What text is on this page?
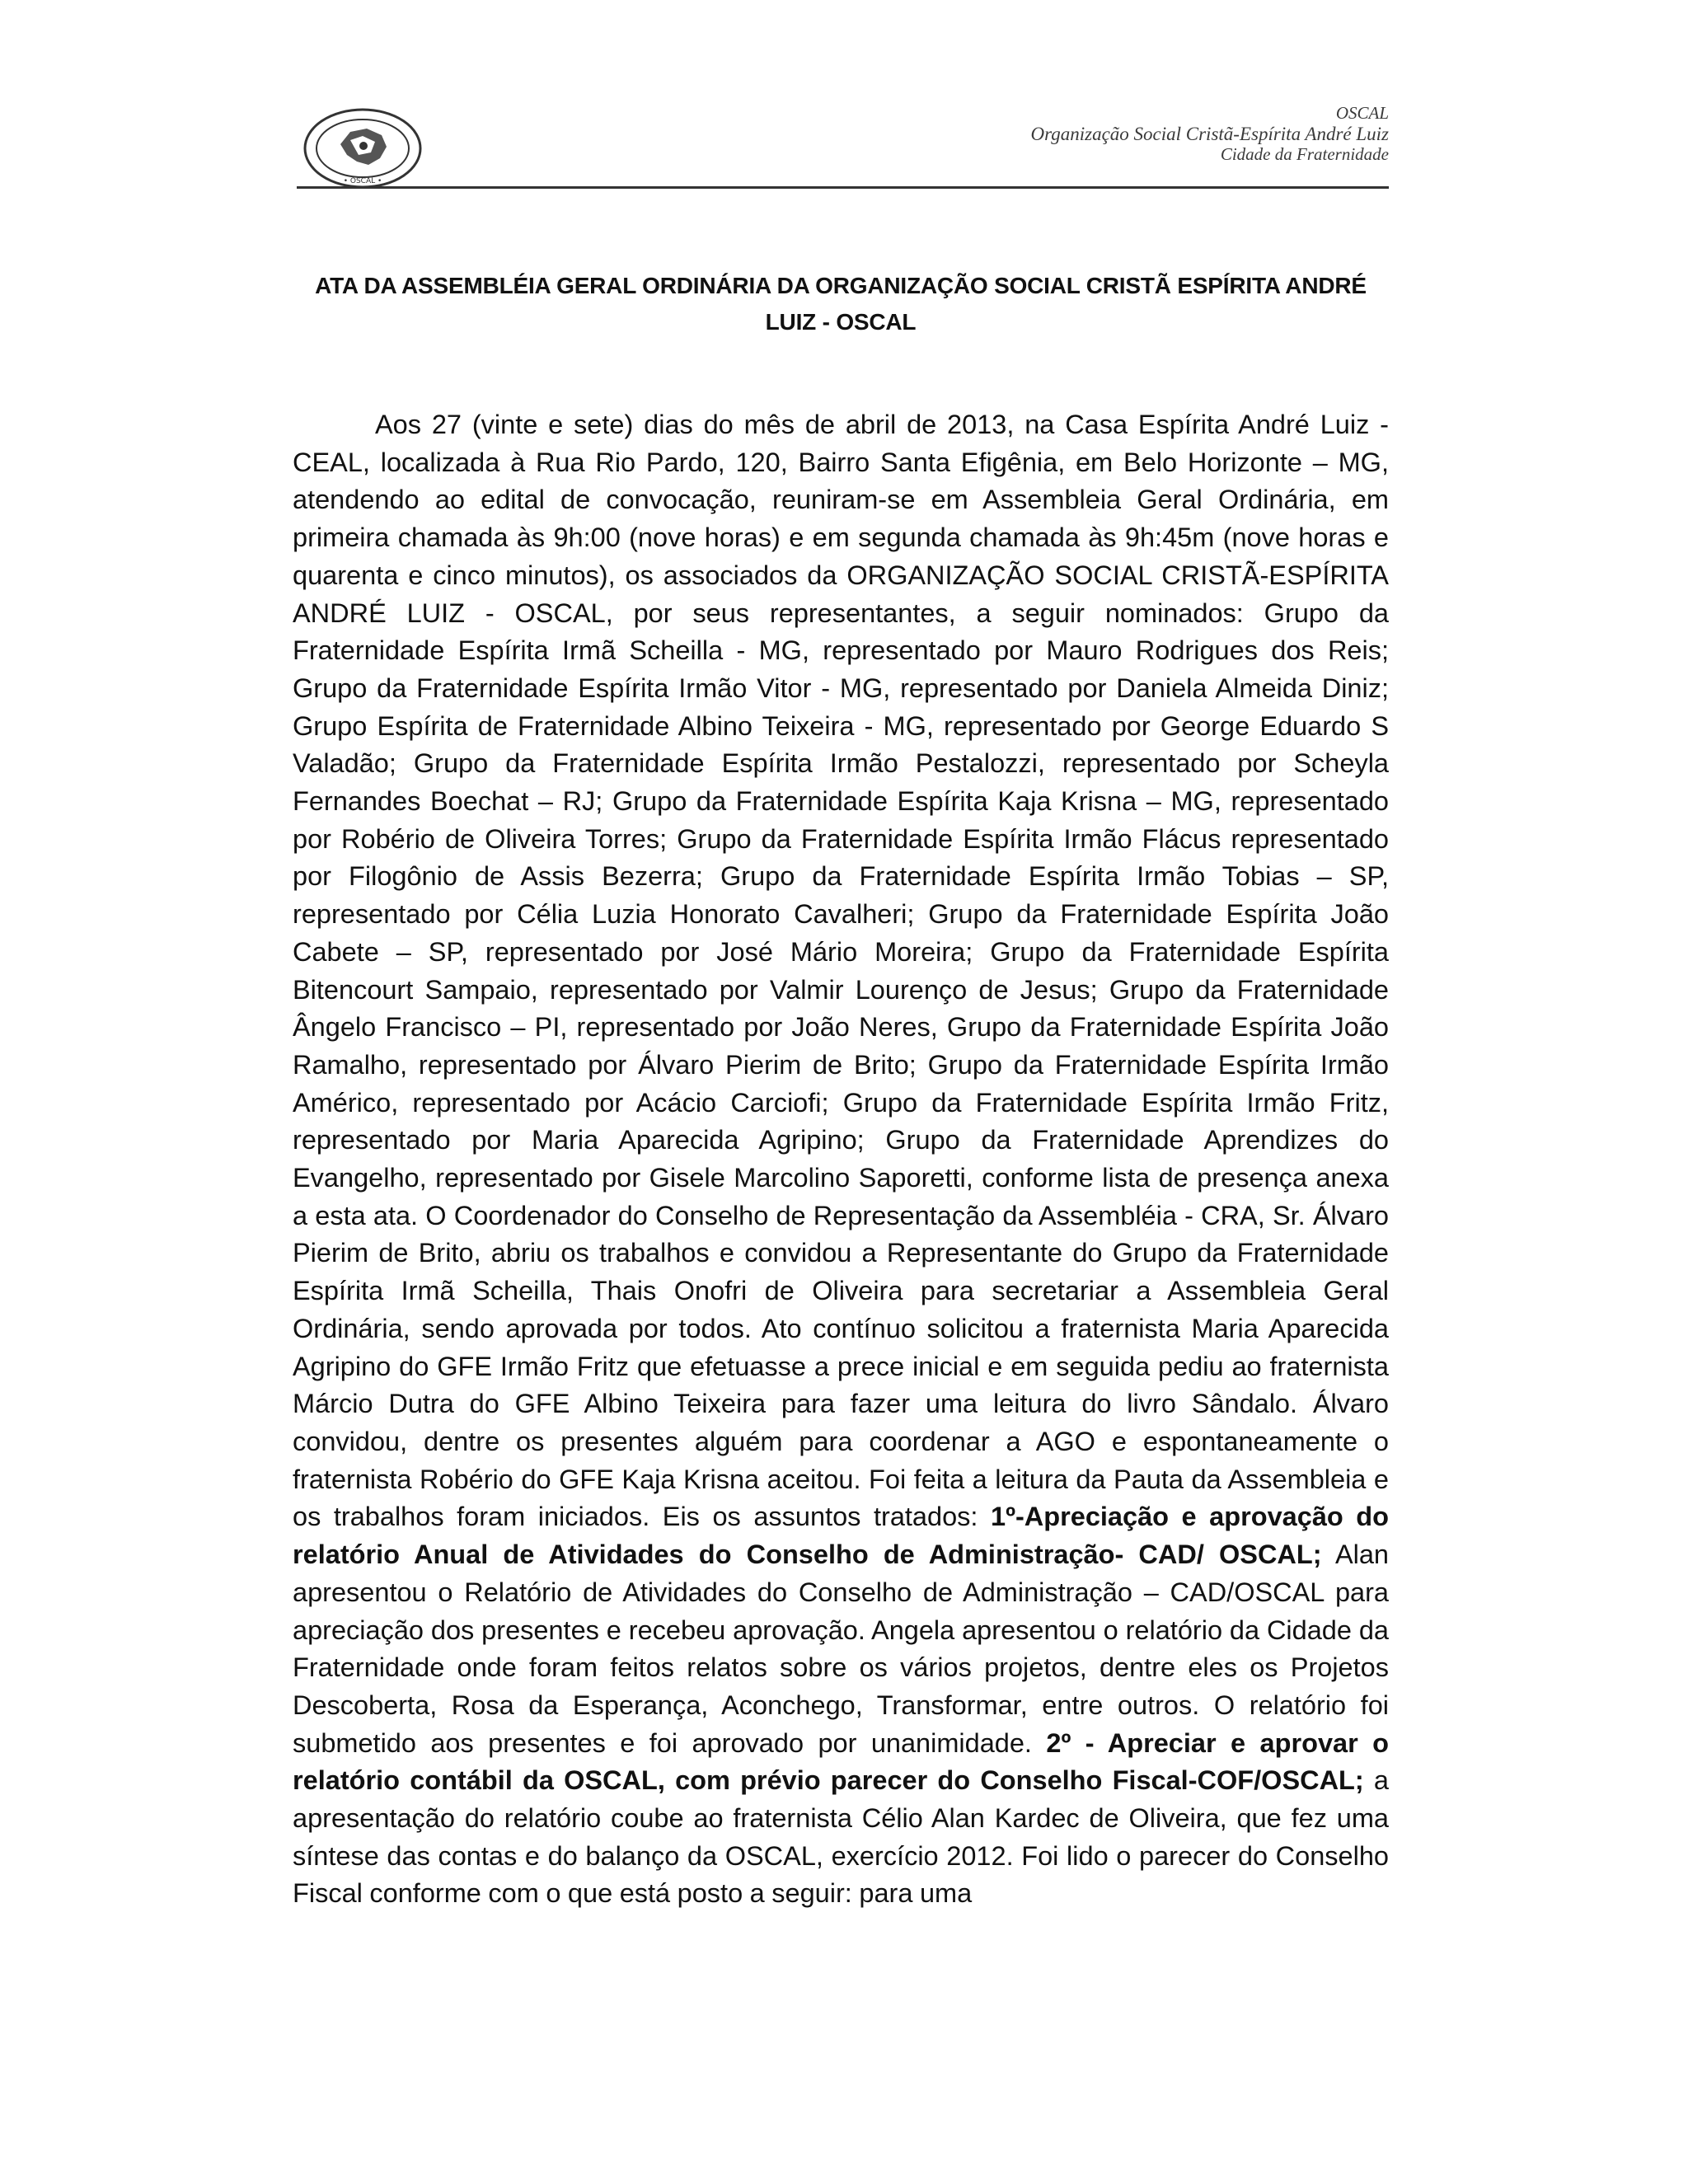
• OSCAL •
OSCAL
Organização Social Cristã-Espírita André Luiz
Cidade da Fraternidade
ATA DA ASSEMBLÉIA GERAL ORDINÁRIA DA ORGANIZAÇÃO SOCIAL CRISTÃ ESPÍRITA ANDRÉ
LUIZ - OSCAL

Aos 27 (vinte e sete) dias do mês de abril de 2013, na Casa Espírita André Luiz - CEAL, localizada à Rua Rio Pardo, 120, Bairro Santa Efigênia, em Belo Horizonte – MG, atendendo ao edital de convocação, reuniram-se em Assembleia Geral Ordinária, em primeira chamada às 9h:00 (nove horas) e em segunda chamada às 9h:45m (nove horas e quarenta e cinco minutos), os associados da ORGANIZAÇÃO SOCIAL CRISTÃ-ESPÍRITA ANDRÉ LUIZ - OSCAL, por seus representantes, a seguir nominados: Grupo da Fraternidade Espírita Irmã Scheilla - MG, representado por Mauro Rodrigues dos Reis; Grupo da Fraternidade Espírita Irmão Vitor - MG, representado por Daniela Almeida Diniz; Grupo Espírita de Fraternidade Albino Teixeira - MG, representado por George Eduardo S Valadão; Grupo da Fraternidade Espírita Irmão Pestalozzi, representado por Scheyla Fernandes Boechat – RJ; Grupo da Fraternidade Espírita Kaja Krisna – MG, representado por Robério de Oliveira Torres; Grupo da Fraternidade Espírita Irmão Flácus representado por Filogônio de Assis Bezerra; Grupo da Fraternidade Espírita Irmão Tobias – SP, representado por Célia Luzia Honorato Cavalheri; Grupo da Fraternidade Espírita João Cabete – SP, representado por José Mário Moreira; Grupo da Fraternidade Espírita Bitencourt Sampaio, representado por Valmir Lourenço de Jesus; Grupo da Fraternidade Ângelo Francisco – PI, representado por João Neres, Grupo da Fraternidade Espírita João Ramalho, representado por Álvaro Pierim de Brito; Grupo da Fraternidade Espírita Irmão Américo, representado por Acácio Carciofi; Grupo da Fraternidade Espírita Irmão Fritz, representado por Maria Aparecida Agripino; Grupo da Fraternidade Aprendizes do Evangelho, representado por Gisele Marcolino Saporetti, conforme lista de presença anexa a esta ata. O Coordenador do Conselho de Representação da Assembléia - CRA, Sr. Álvaro Pierim de Brito, abriu os trabalhos e convidou a Representante do Grupo da Fraternidade Espírita Irmã Scheilla, Thais Onofri de Oliveira para secretariar a Assembleia Geral Ordinária, sendo aprovada por todos. Ato contínuo solicitou a fraternista Maria Aparecida Agripino do GFE Irmão Fritz que efetuasse a prece inicial e em seguida pediu ao fraternista Márcio Dutra do GFE Albino Teixeira para fazer uma leitura do livro Sândalo. Álvaro convidou, dentre os presentes alguém para coordenar a AGO e espontaneamente o fraternista Robério do GFE Kaja Krisna aceitou. Foi feita a leitura da Pauta da Assembleia e os trabalhos foram iniciados. Eis os assuntos tratados: 1º-Apreciação e aprovação do relatório Anual de Atividades do Conselho de Administração- CAD/ OSCAL; Alan apresentou o Relatório de Atividades do Conselho de Administração – CAD/OSCAL para apreciação dos presentes e recebeu aprovação. Angela apresentou o relatório da Cidade da Fraternidade onde foram feitos relatos sobre os vários projetos, dentre eles os Projetos Descoberta, Rosa da Esperança, Aconchego, Transformar, entre outros. O relatório foi submetido aos presentes e foi aprovado por unanimidade. 2º - Apreciar e aprovar o relatório contábil da OSCAL, com prévio parecer do Conselho Fiscal-COF/OSCAL; a apresentação do relatório coube ao fraternista Célio Alan Kardec de Oliveira, que fez uma síntese das contas e do balanço da OSCAL, exercício 2012. Foi lido o parecer do Conselho Fiscal conforme com o que está posto a seguir: para uma
